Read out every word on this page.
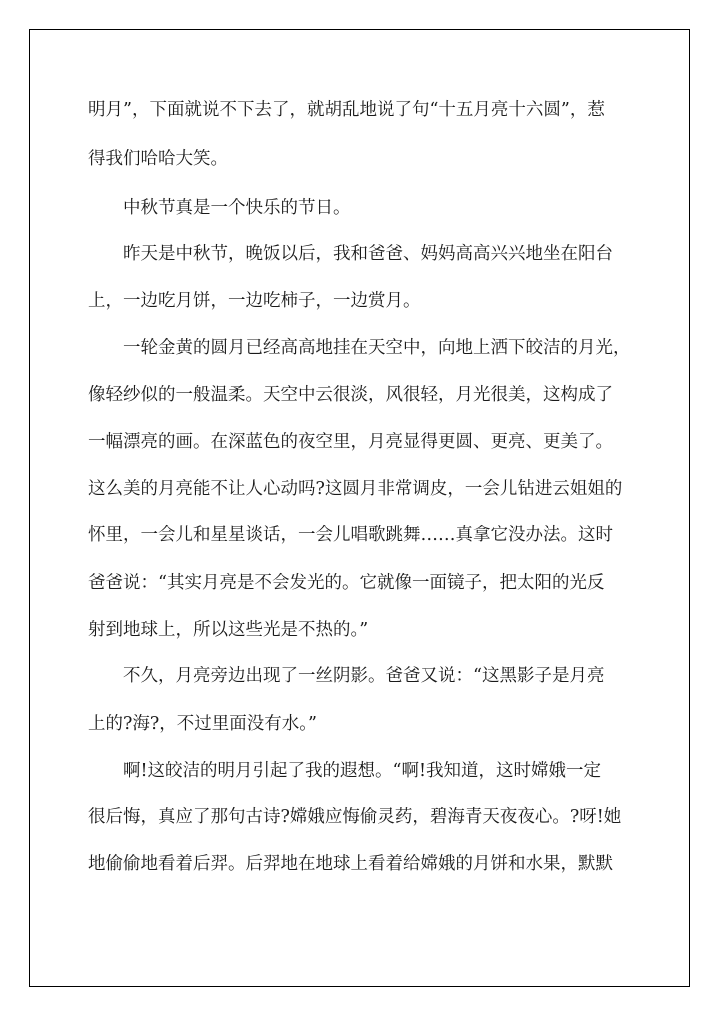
明月”，下面就说不下去了，就胡乱地说了句“十五月亮十六圆”，惹
得我们哈哈大笑。
　　中秋节真是一个快乐的节日。
　　昨天是中秋节，晚饭以后，我和爸爸、妈妈高高兴兴地坐在阳台
上，一边吃月饼，一边吃柿子，一边赏月。
　　一轮金黄的圆月已经高高地挂在天空中，向地上洒下皎洁的月光，
像轻纱似的一般温柔。天空中云很淡，风很轻，月光很美，这构成了
一幅漂亮的画。在深蓝色的夜空里，月亮显得更圆、更亮、更美了。
这么美的月亮能不让人心动吗?这圆月非常调皮，一会儿钻进云姐姐的
怀里，一会儿和星星谈话，一会儿唱歌跳舞……真拿它没办法。这时
爸爸说：“其实月亮是不会发光的。它就像一面镜子，把太阳的光反
射到地球上，所以这些光是不热的。”
　　不久，月亮旁边出现了一丝阴影。爸爸又说：“这黑影子是月亮
上的?海?，不过里面没有水。”
　　啊!这皎洁的明月引起了我的遐想。“啊!我知道，这时嫦娥一定
很后悔，真应了那句古诗?嫦娥应悔偷灵药，碧海青天夜夜心。?呀!她
地偷偷地看着后羿。后羿地在地球上看着给嫦娥的月饼和水果，默默
